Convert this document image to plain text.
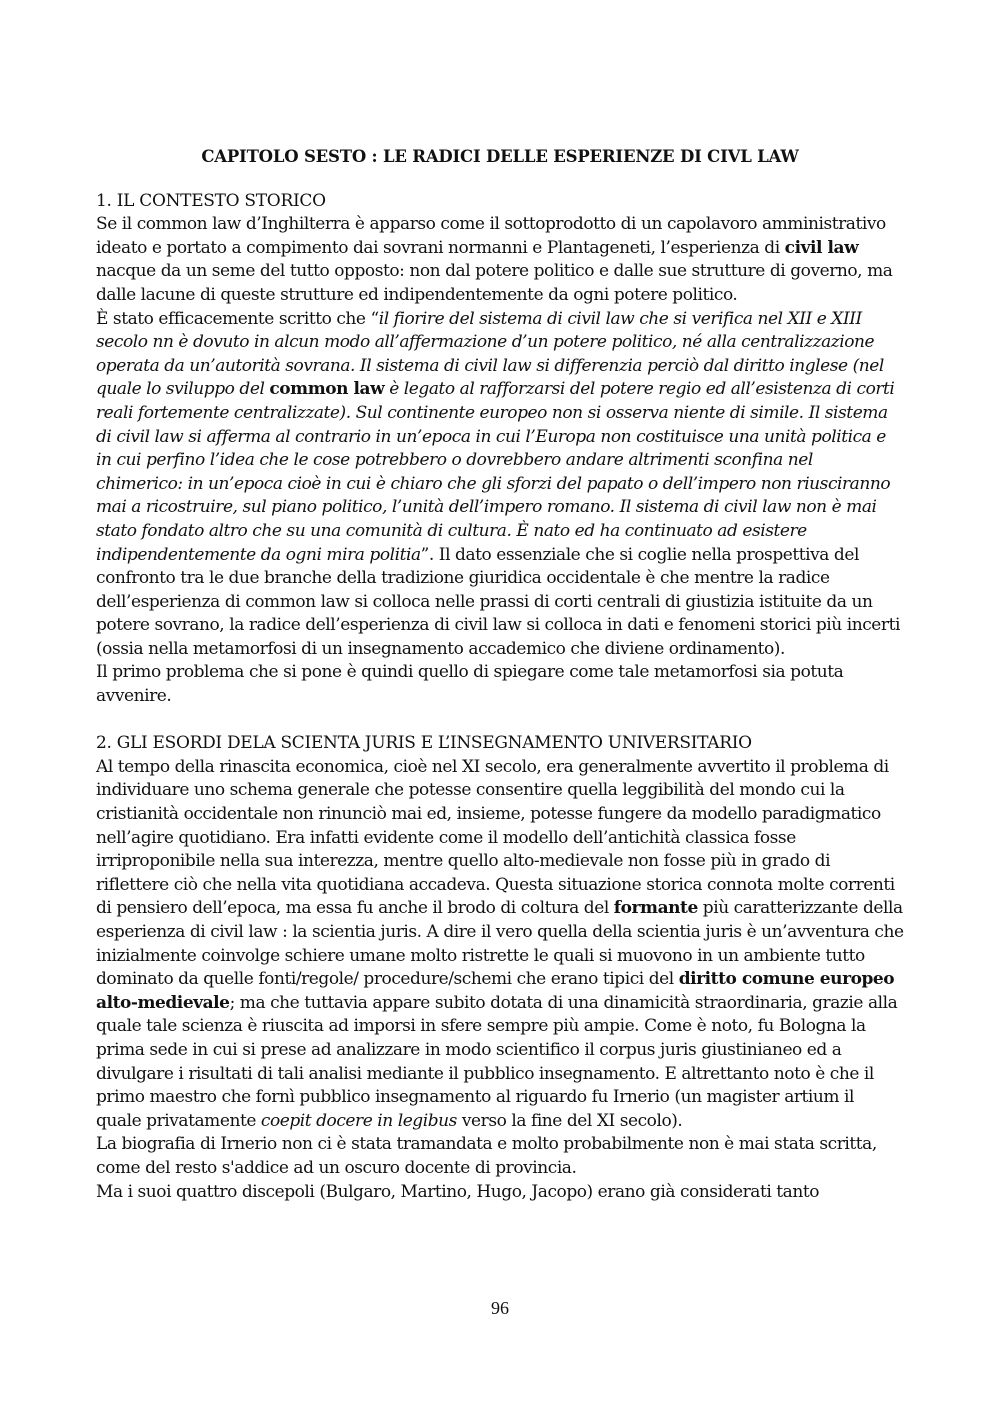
CAPITOLO SESTO : LE RADICI DELLE ESPERIENZE DI CIVL LAW
1. IL CONTESTO STORICO
Se il common law d’Inghilterra è apparso come il sottoprodotto di un capolavoro amministrativo ideato e portato a compimento dai sovrani normanni e Plantageneti, l’esperienza di civil law nacque da un seme del tutto opposto: non dal potere politico e dalle sue strutture di governo, ma dalle lacune di queste strutture ed indipendentemente da ogni potere politico.
È stato efficacemente scritto che “il fiorire del sistema di civil law che si verifica nel XII e XIII secolo nn è dovuto in alcun modo all’affermazione d’un potere politico, né alla centralizzazione operata da un’autorità sovrana. Il sistema di civil law si differenzia perciò dal diritto inglese (nel quale lo sviluppo del common law è legato al rafforzarsi del potere regio ed all’esistenza di corti reali fortemente centralizzate). Sul continente europeo non si osserva niente di simile. Il sistema di civil law si afferma al contrario in un’epoca in cui l’Europa non costituisce una unità politica e in cui perfino l’idea che le cose potrebbero o dovrebbero andare altrimenti sconfina nel chimerico: in un’epoca cioè in cui è chiaro che gli sforzi del papato o dell’impero non riusciranno mai a ricostruire, sul piano politico, l’unità dell’impero romano. Il sistema di civil law non è mai stato fondato altro che su una comunità di cultura. È nato ed ha continuato ad esistere indipendentemente da ogni mira politia”. Il dato essenziale che si coglie nella prospettiva del confronto tra le due branche della tradizione giuridica occidentale è che mentre la radice dell’esperienza di common law si colloca nelle prassi di corti centrali di giustizia istituite da un potere sovrano, la radice dell’esperienza di civil law si colloca in dati e fenomeni storici più incerti (ossia nella metamorfosi di un insegnamento accademico che diviene ordinamento).
Il primo problema che si pone è quindi quello di spiegare come tale metamorfosi sia potuta avvenire.
2. GLI ESORDI DELA SCIENTA JURIS E L’INSEGNAMENTO UNIVERSITARIO
Al tempo della rinascita economica, cioè nel XI secolo, era generalmente avvertito il problema di individuare uno schema generale che potesse consentire quella leggibilità del mondo cui la cristianità occidentale non rinunciò mai ed, insieme, potesse fungere da modello paradigmatico nell’agire quotidiano. Era infatti evidente come il modello dell’antichità classica fosse irriproponibile nella sua interezza, mentre quello alto-medievale non fosse più in grado di riflettere ciò che nella vita quotidiana accadeva. Questa situazione storica connota molte correnti di pensiero dell’epoca, ma essa fu anche il brodo di coltura del formante più caratterizzante della esperienza di civil law : la scientia juris. A dire il vero quella della scientia juris è un’avventura che inizialmente coinvolge schiere umane molto ristrette le quali si muovono in un ambiente tutto dominato da quelle fonti/regole/ procedure/schemi che erano tipici del diritto comune europeo alto-medievale; ma che tuttavia appare subito dotata di una dinamicità straordinaria, grazie alla quale tale scienza è riuscita ad imporsi in sfere sempre più ampie. Come è noto, fu Bologna la prima sede in cui si prese ad analizzare in modo scientifico il corpus juris giustinianeo ed a divulgare i risultati di tali analisi mediante il pubblico insegnamento. E altrettanto noto è che il primo maestro che fornì pubblico insegnamento al riguardo fu Irnerio (un magister artium il quale privatamente coepit docere in legibus verso la fine del XI secolo).
La biografia di Irnerio non ci è stata tramandata e molto probabilmente non è mai stata scritta, come del resto s'addice ad un oscuro docente di provincia.
Ma i suoi quattro discepoli (Bulgaro, Martino, Hugo, Jacopo) erano già considerati tanto
96
